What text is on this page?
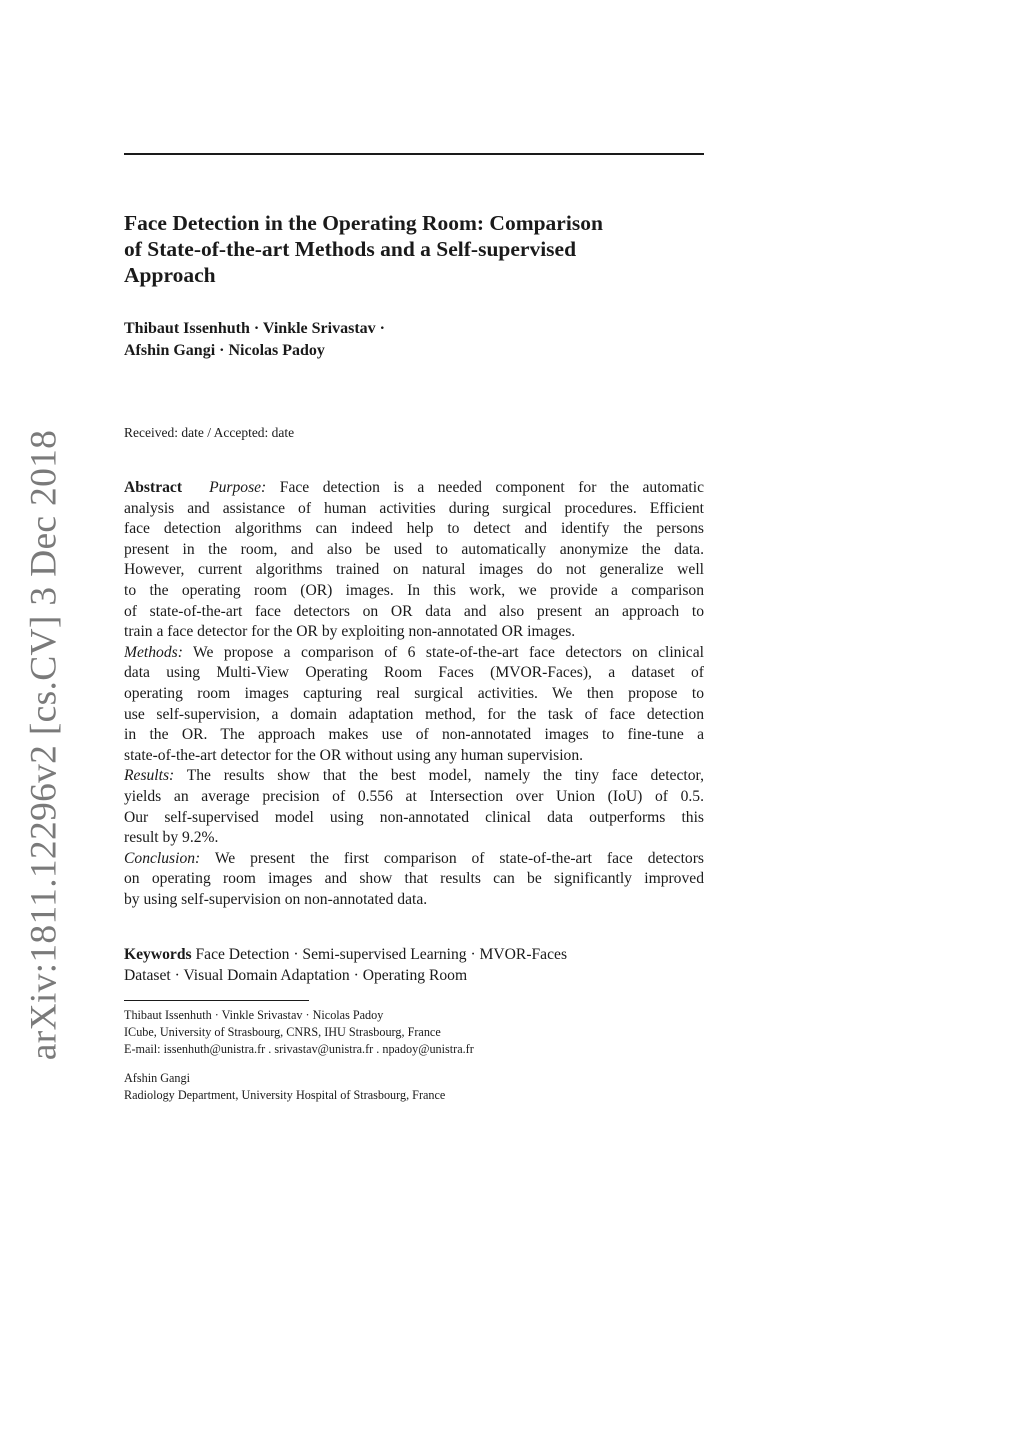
arXiv:1811.12296v2 [cs.CV] 3 Dec 2018
Face Detection in the Operating Room: Comparison
of State-of-the-art Methods and a Self-supervised
Approach
Thibaut Issenhuth · Vinkle Srivastav ·
Afshin Gangi · Nicolas Padoy
Received: date / Accepted: date
Abstract Purpose: Face detection is a needed component for the automatic
analysis and assistance of human activities during surgical procedures. Efficient
face detection algorithms can indeed help to detect and identify the persons
present in the room, and also be used to automatically anonymize the data.
However, current algorithms trained on natural images do not generalize well
to the operating room (OR) images. In this work, we provide a comparison
of state-of-the-art face detectors on OR data and also present an approach to
train a face detector for the OR by exploiting non-annotated OR images.
Methods: We propose a comparison of 6 state-of-the-art face detectors on clinical
data using Multi-View Operating Room Faces (MVOR-Faces), a dataset of
operating room images capturing real surgical activities. We then propose to
use self-supervision, a domain adaptation method, for the task of face detection
in the OR. The approach makes use of non-annotated images to fine-tune a
state-of-the-art detector for the OR without using any human supervision.
Results: The results show that the best model, namely the tiny face detector,
yields an average precision of 0.556 at Intersection over Union (IoU) of 0.5.
Our self-supervised model using non-annotated clinical data outperforms this
result by 9.2%.
Conclusion: We present the first comparison of state-of-the-art face detectors
on operating room images and show that results can be significantly improved
by using self-supervision on non-annotated data.
Keywords Face Detection · Semi-supervised Learning · MVOR-Faces
Dataset · Visual Domain Adaptation · Operating Room
Thibaut Issenhuth · Vinkle Srivastav · Nicolas Padoy
ICube, University of Strasbourg, CNRS, IHU Strasbourg, France
E-mail: issenhuth@unistra.fr . srivastav@unistra.fr . npadoy@unistra.fr
Afshin Gangi
Radiology Department, University Hospital of Strasbourg, France
